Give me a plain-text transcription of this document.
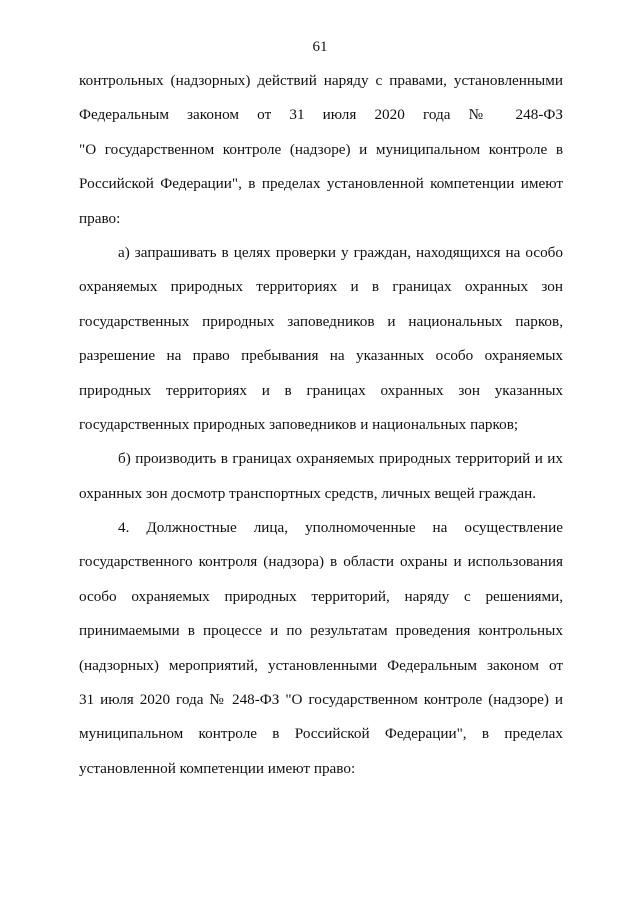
61
контрольных (надзорных) действий наряду с правами, установленными
Федеральным законом от 31 июля 2020 года № 248-ФЗ
"О государственном контроле (надзоре) и муниципальном контроле в
Российской Федерации", в пределах установленной компетенции имеют
право:
а) запрашивать в целях проверки у граждан, находящихся на особо
охраняемых природных территориях и в границах охранных зон
государственных природных заповедников и национальных парков,
разрешение на право пребывания на указанных особо охраняемых
природных территориях и в границах охранных зон указанных
государственных природных заповедников и национальных парков;
б) производить в границах охраняемых природных территорий и их
охранных зон досмотр транспортных средств, личных вещей граждан.
4. Должностные лица, уполномоченные на осуществление
государственного контроля (надзора) в области охраны и использования
особо охраняемых природных территорий, наряду с решениями,
принимаемыми в процессе и по результатам проведения контрольных
(надзорных) мероприятий, установленными Федеральным законом от
31 июля 2020 года № 248-ФЗ "О государственном контроле (надзоре) и
муниципальном контроле в Российской Федерации", в пределах
установленной компетенции имеют право:
